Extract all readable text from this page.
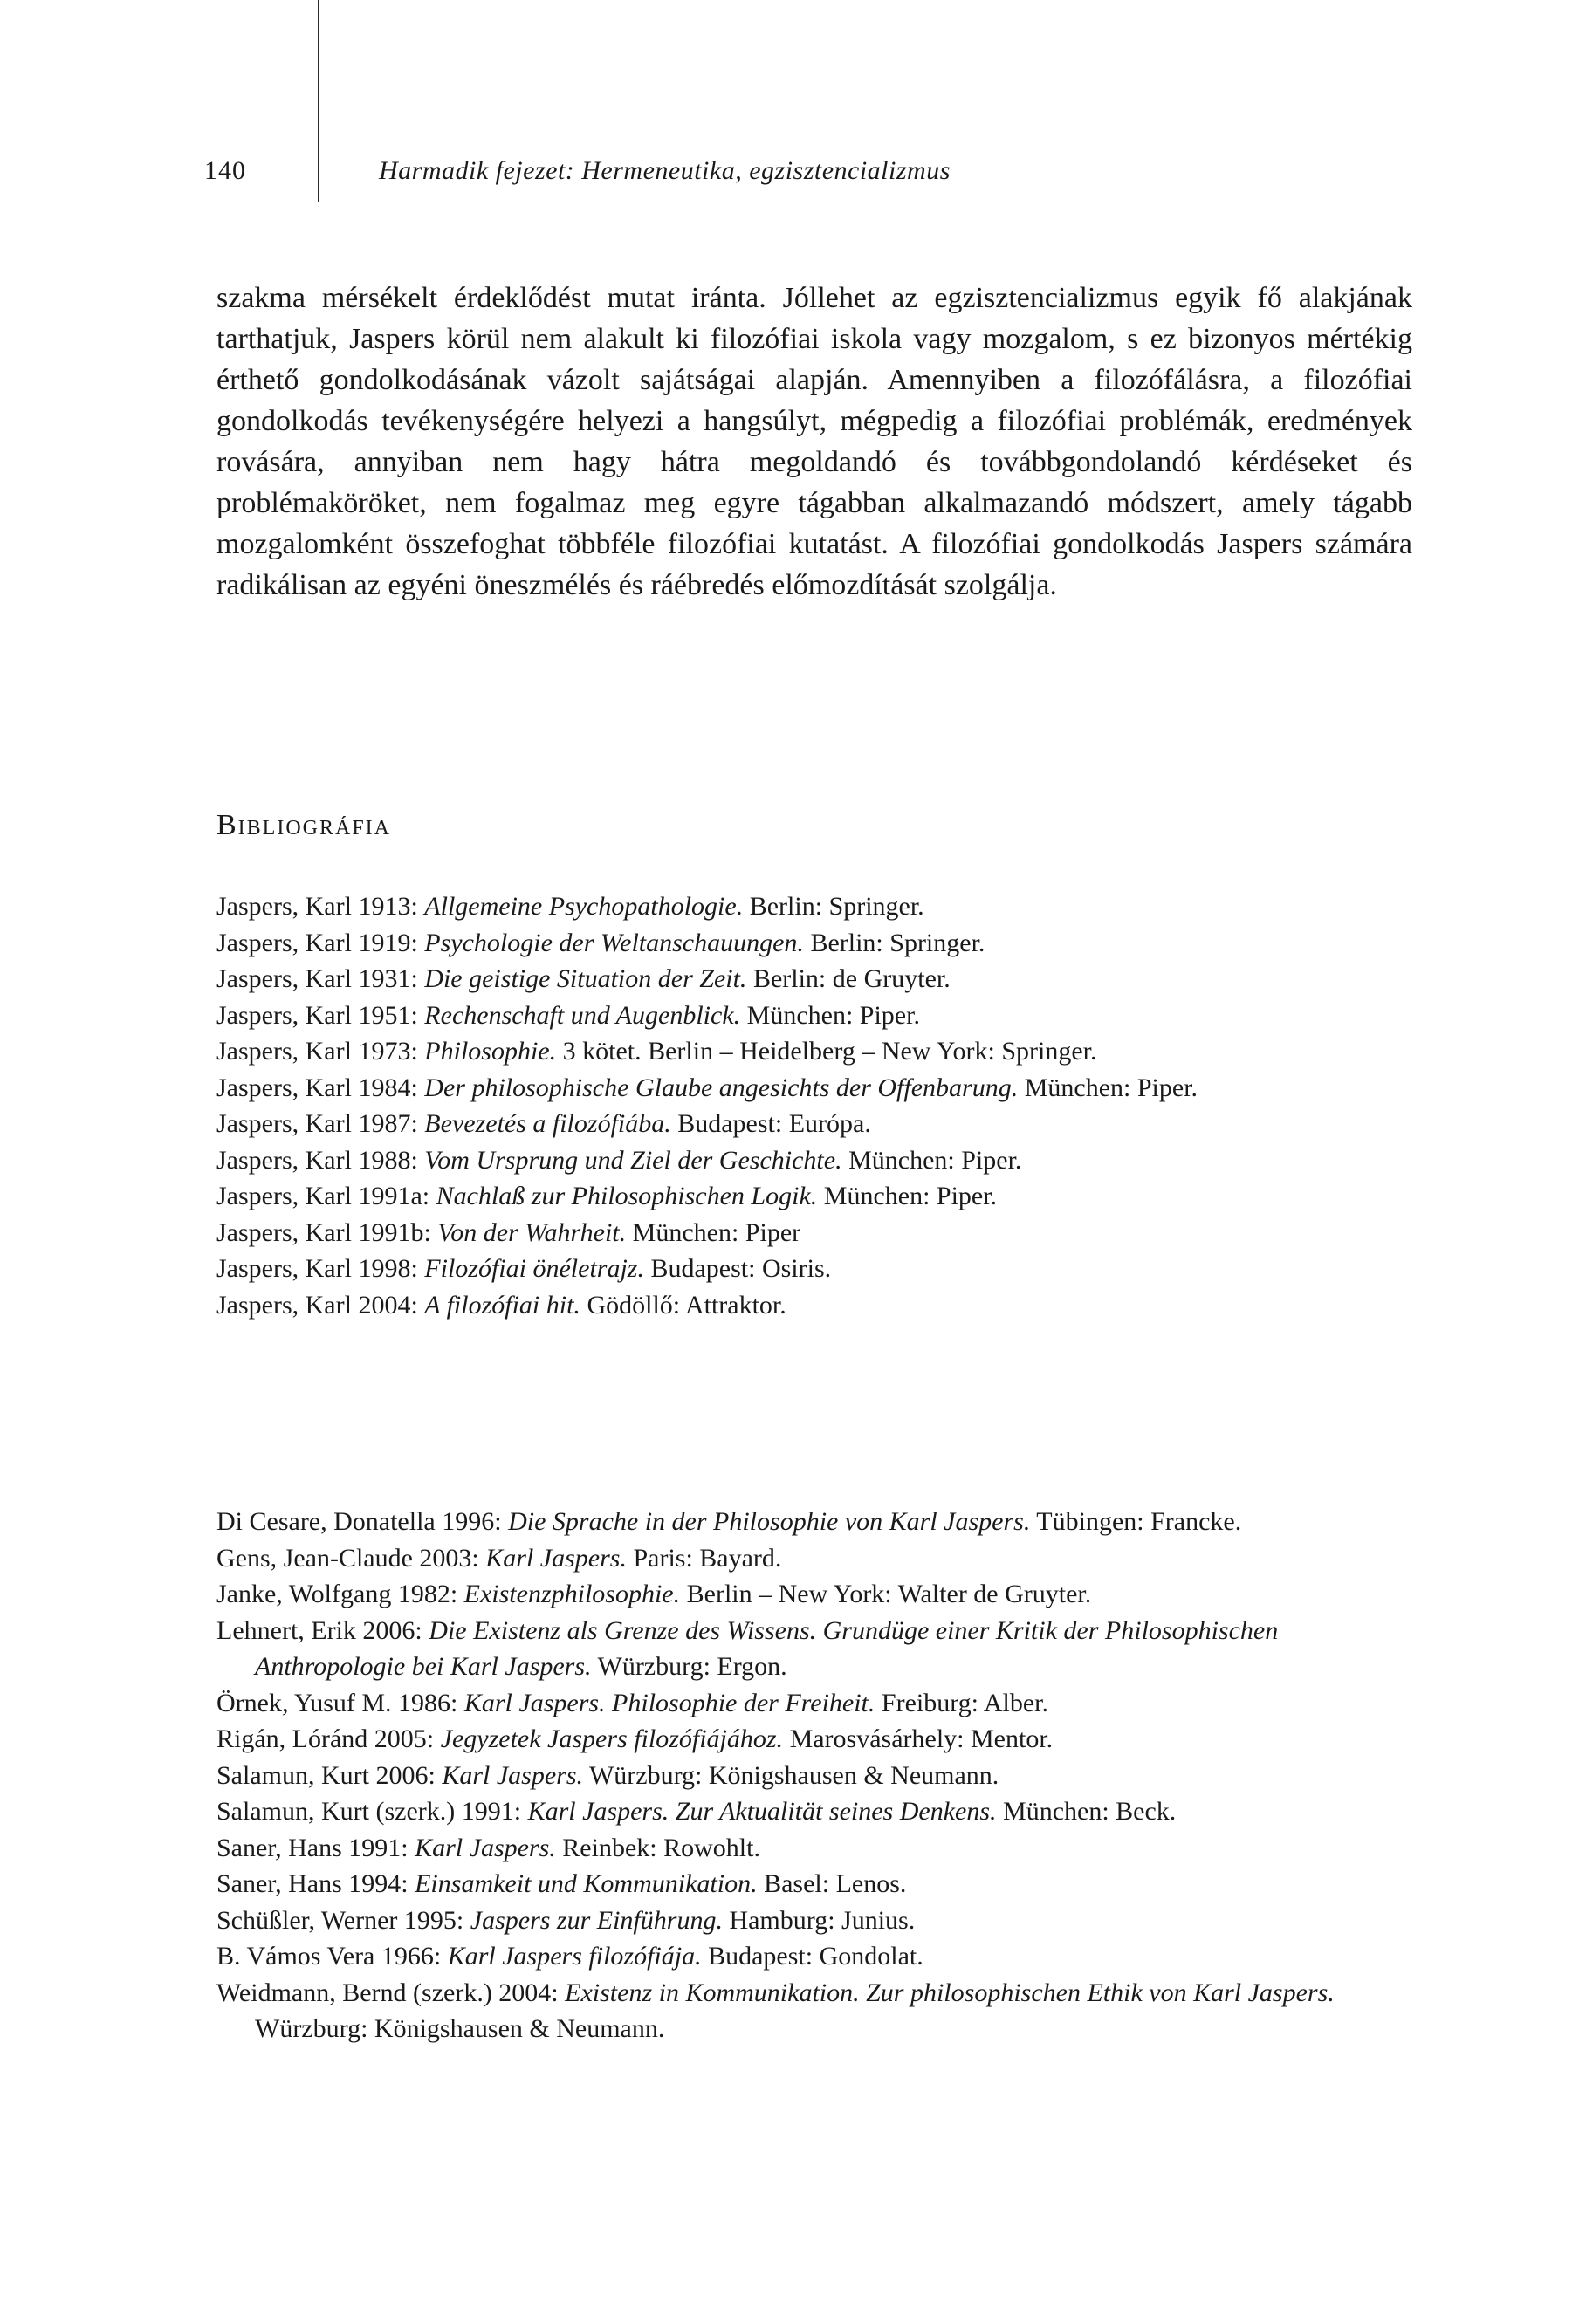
140	Harmadik fejezet: Hermeneutika, egzisztencializmus

szakma mérsékelt érdeklődést mutat iránta. Jóllehet az egzisztencializmus egyik fő alakjának tarthatjuk, Jaspers körül nem alakult ki filozófiai iskola vagy mozgalom, s ez bizonyos mértékig érthető gondolkodásának vázolt sajátságai alapján. Amennyiben a filozófálásra, a filozófiai gondolkodás tevékenységére helyezi a hangsúlyt, mégpedig a filozófiai problémák, eredmények rovására, annyiban nem hagy hátra megoldandó és továbbgondolandó kérdéseket és problémaköröket, nem fogalmaz meg egyre tágabban alkalmazandó módszert, amely tágabb mozgalomként összefoghat többféle filozófiai kutatást. A filozófiai gondolkodás Jaspers számára radikálisan az egyéni öneszmélés és ráébredés előmozdítását szolgálja.

Bibliográfia
Jaspers, Karl 1913: Allgemeine Psychopathologie. Berlin: Springer.
Jaspers, Karl 1919: Psychologie der Weltanschauungen. Berlin: Springer.
Jaspers, Karl 1931: Die geistige Situation der Zeit. Berlin: de Gruyter.
Jaspers, Karl 1951: Rechenschaft und Augenblick. München: Piper.
Jaspers, Karl 1973: Philosophie. 3 kötet. Berlin – Heidelberg – New York: Springer.
Jaspers, Karl 1984: Der philosophische Glaube angesichts der Offenbarung. München: Piper.
Jaspers, Karl 1987: Bevezetés a filozófiába. Budapest: Európa.
Jaspers, Karl 1988: Vom Ursprung und Ziel der Geschichte. München: Piper.
Jaspers, Karl 1991a: Nachlaß zur Philosophischen Logik. München: Piper.
Jaspers, Karl 1991b: Von der Wahrheit. München: Piper
Jaspers, Karl 1998: Filozófiai önéletrajz. Budapest: Osiris.
Jaspers, Karl 2004: A filozófiai hit. Gödöllő: Attraktor.
Di Cesare, Donatella 1996: Die Sprache in der Philosophie von Karl Jaspers. Tübingen: Francke.
Gens, Jean-Claude 2003: Karl Jaspers. Paris: Bayard.
Janke, Wolfgang 1982: Existenzphilosophie. Berlin – New York: Walter de Gruyter.
Lehnert, Erik 2006: Die Existenz als Grenze des Wissens. Grundüge einer Kritik der Philosophischen Anthropologie bei Karl Jaspers. Würzburg: Ergon.
Örnek, Yusuf M. 1986: Karl Jaspers. Philosophie der Freiheit. Freiburg: Alber.
Rigán, Lóránd 2005: Jegyzetek Jaspers filozófiájához. Marosvásárhely: Mentor.
Salamun, Kurt 2006: Karl Jaspers. Würzburg: Königshausen & Neumann.
Salamun, Kurt (szerk.) 1991: Karl Jaspers. Zur Aktualität seines Denkens. München: Beck.
Saner, Hans 1991: Karl Jaspers. Reinbek: Rowohlt.
Saner, Hans 1994: Einsamkeit und Kommunikation. Basel: Lenos.
Schüßler, Werner 1995: Jaspers zur Einführung. Hamburg: Junius.
B. Vámos Vera 1966: Karl Jaspers filozófiája. Budapest: Gondolat.
Weidmann, Bernd (szerk.) 2004: Existenz in Kommunikation. Zur philosophischen Ethik von Karl Jaspers. Würzburg: Königshausen & Neumann.
